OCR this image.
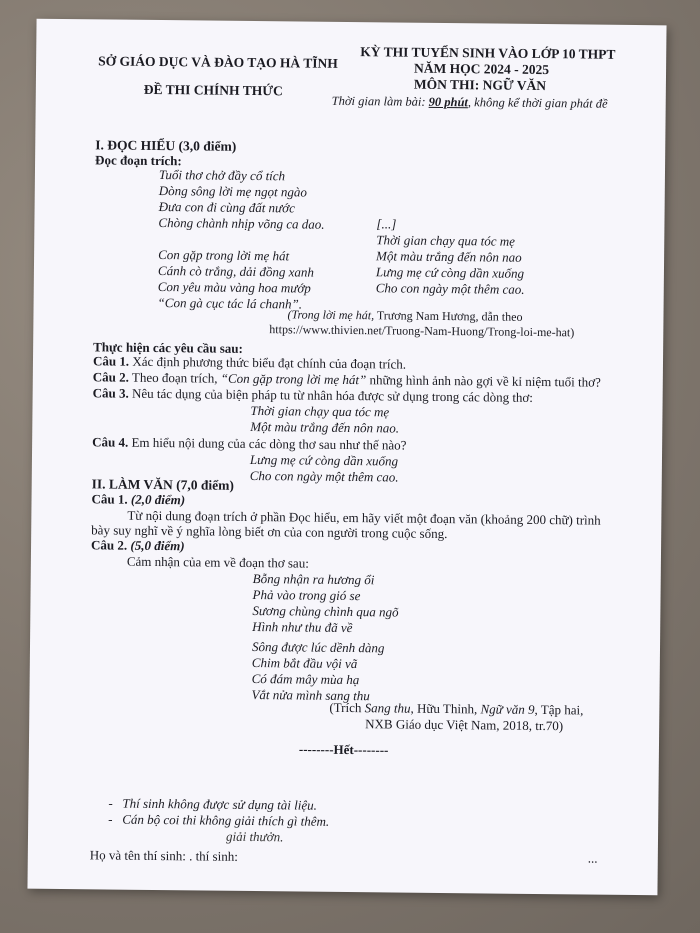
SỞ GIÁO DỤC VÀ ĐÀO TẠO HÀ TĨNH
ĐỀ THI CHÍNH THỨC
KỲ THI TUYỂN SINH VÀO LỚP 10 THPT
NĂM HỌC 2024 - 2025
MÔN THI: NGỮ VĂN
Thời gian làm bài: 90 phút, không kể thời gian phát đề
I. ĐỌC HIỂU (3,0 điểm)
Đọc đoạn trích:
Tuổi thơ chở đầy cổ tích
Dòng sông lời mẹ ngọt ngào
Đưa con đi cùng đất nước
Chòng chành nhịp võng ca dao.
Con gặp trong lời mẹ hát
Cánh cò trắng, dải đồng xanh
Con yêu màu vàng hoa mướp
“Con gà cục tác lá chanh”.
[...]
Thời gian chạy qua tóc mẹ
Một màu trắng đến nôn nao
Lưng mẹ cứ còng dần xuống
Cho con ngày một thêm cao.
(Trong lời mẹ hát, Trương Nam Hương, dẫn theo
https://www.thivien.net/Truong-Nam-Huong/Trong-loi-me-hat)
Thực hiện các yêu cầu sau:
Câu 1. Xác định phương thức biểu đạt chính của đoạn trích.
Câu 2. Theo đoạn trích, “Con gặp trong lời mẹ hát” những hình ảnh nào gợi về kỉ niệm tuổi thơ?
Câu 3. Nêu tác dụng của biện pháp tu từ nhân hóa được sử dụng trong các dòng thơ:
Thời gian chạy qua tóc mẹ
Một màu trắng đến nôn nao.
Câu 4. Em hiểu nội dung của các dòng thơ sau như thế nào?
Lưng mẹ cứ còng dần xuống
Cho con ngày một thêm cao.
II. LÀM VĂN (7,0 điểm)
Câu 1. (2,0 điểm)
Từ nội dung đoạn trích ở phần Đọc hiểu, em hãy viết một đoạn văn (khoảng 200 chữ) trình
bày suy nghĩ về ý nghĩa lòng biết ơn của con người trong cuộc sống.
Câu 2. (5,0 điểm)
Cảm nhận của em về đoạn thơ sau:
Bỗng nhận ra hương ổi
Phả vào trong gió se
Sương chùng chình qua ngõ
Hình như thu đã về
Sông được lúc dềnh dàng
Chim bắt đầu vội vã
Có đám mây mùa hạ
Vắt nửa mình sang thu
(Trích Sang thu, Hữu Thỉnh, Ngữ văn 9, Tập hai,
NXB Giáo dục Việt Nam, 2018, tr.70)
--------Hết--------
-   Thí sinh không được sử dụng tài liệu.
-   Cán bộ coi thi không giải thích gì thêm.
giải thưởn.
Họ và tên thí sinh: . thí sinh:	...
